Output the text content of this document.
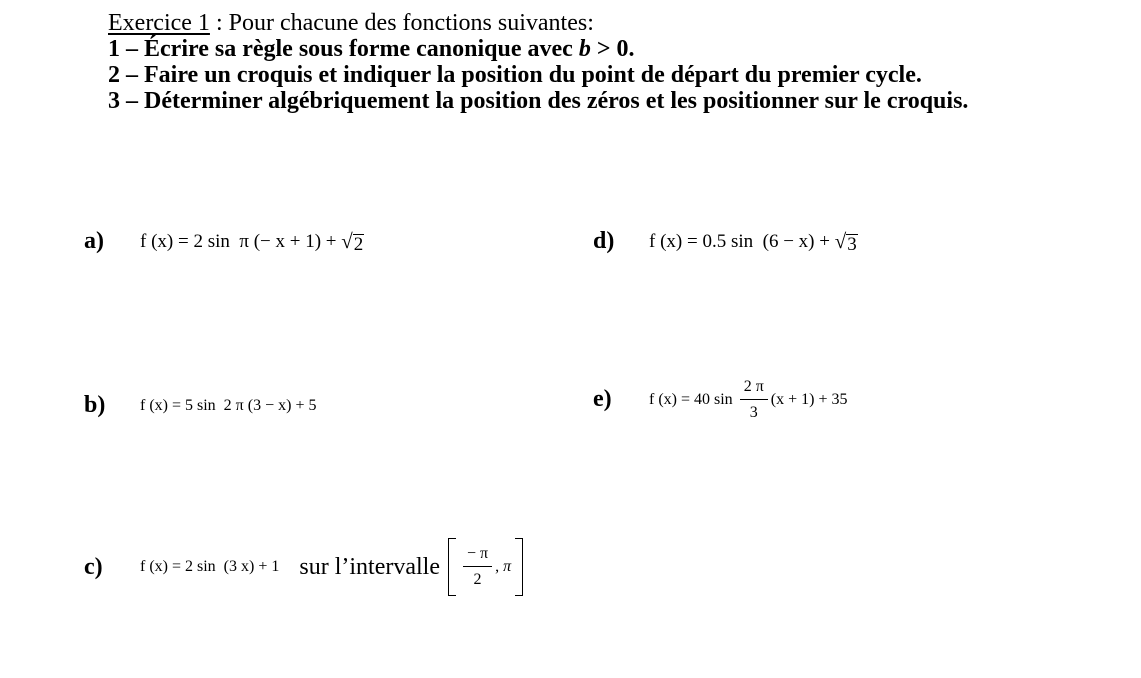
Exercice 1 : Pour chacune des fonctions suivantes:
1 – Écrire sa règle sous forme canonique avec b > 0.
2 – Faire un croquis et indiquer la position du point de départ du premier cycle.
3 – Déterminer algébriquement la position des zéros et les positionner sur le croquis.
a)	f (x) = 2 sin  π (− x + 1) + √ 2	d)	f (x) = 0.5 sin  (6 − x) + √ 3
b)	f (x) = 5 sin  2 π (3 − x) + 5	e)	f (x) = 40 $\sin \frac{2 \pi}{3} (x + 1) + 35$
c)	f (x) = 2 sin  (3 x) + 1 sur l’intervalle $\frac{- \pi}{2}$ , π
